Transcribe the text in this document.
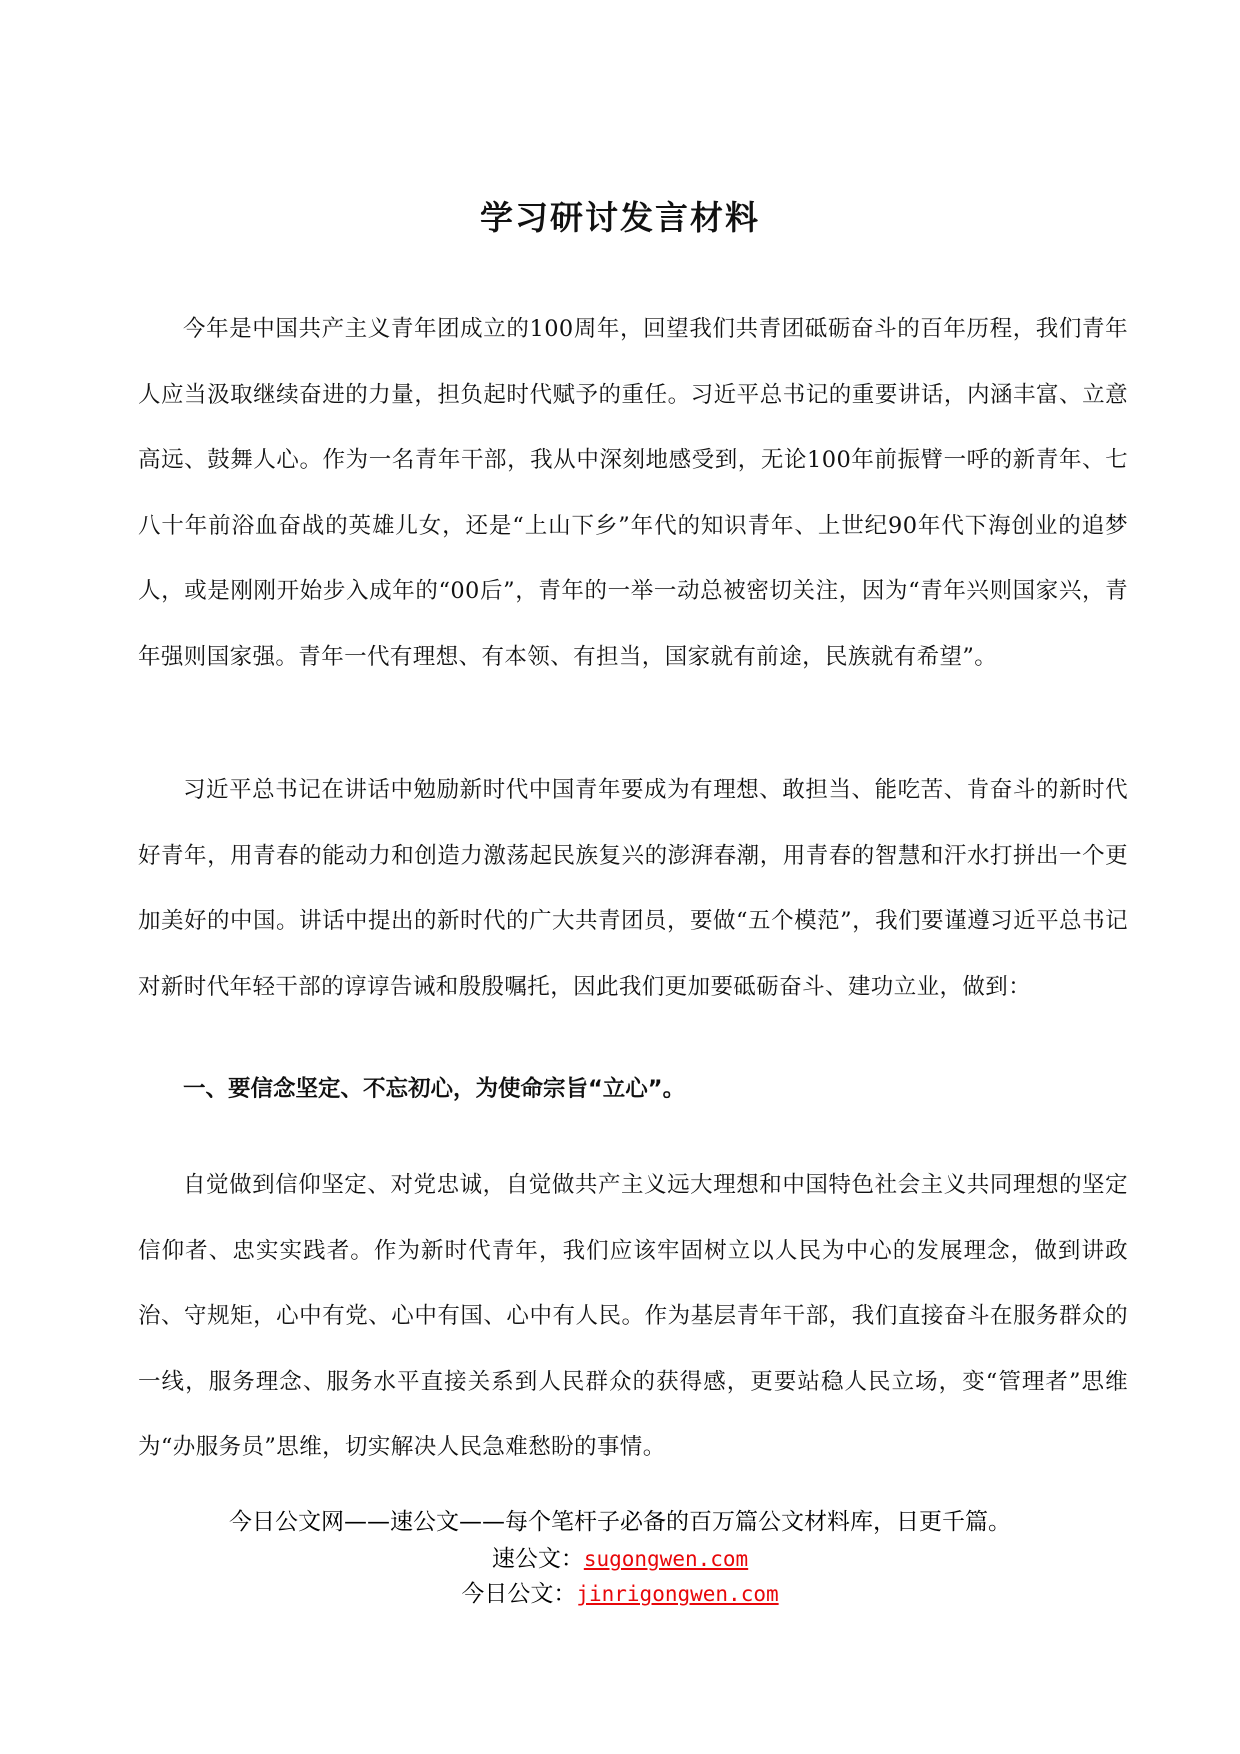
学习研讨发言材料

今年是中国共产主义青年团成立的100周年，回望我们共青团砥砺奋斗的百年历程，我们青年人应当汲取继续奋进的力量，担负起时代赋予的重任。习近平总书记的重要讲话，内涵丰富、立意高远、鼓舞人心。作为一名青年干部，我从中深刻地感受到，无论100年前振臂一呼的新青年、七八十年前浴血奋战的英雄儿女，还是“上山下乡”年代的知识青年、上世纪90年代下海创业的追梦人，或是刚刚开始步入成年的“00后”，青年的一举一动总被密切关注，因为“青年兴则国家兴，青年强则国家强。青年一代有理想、有本领、有担当，国家就有前途，民族就有希望”。

习近平总书记在讲话中勉励新时代中国青年要成为有理想、敢担当、能吃苦、肯奋斗的新时代好青年，用青春的能动力和创造力激荡起民族复兴的澎湃春潮，用青春的智慧和汗水打拼出一个更加美好的中国。讲话中提出的新时代的广大共青团员，要做“五个模范”，我们要谨遵习近平总书记对新时代年轻干部的谆谆告诫和殷殷嘱托，因此我们更加要砥砺奋斗、建功立业，做到：

一、要信念坚定、不忘初心，为使命宗旨“立心”。

自觉做到信仰坚定、对党忠诚，自觉做共产主义远大理想和中国特色社会主义共同理想的坚定信仰者、忠实实践者。作为新时代青年，我们应该牢固树立以人民为中心的发展理念，做到讲政治、守规矩，心中有党、心中有国、心中有人民。作为基层青年干部，我们直接奋斗在服务群众的一线，服务理念、服务水平直接关系到人民群众的获得感，更要站稳人民立场，变“管理者”思维为“办服务员”思维，切实解决人民急难愁盼的事情。

今日公文网——速公文——每个笔杆子必备的百万篇公文材料库，日更千篇。
速公文：sugongwen.com
今日公文：jinrigongwen.com
